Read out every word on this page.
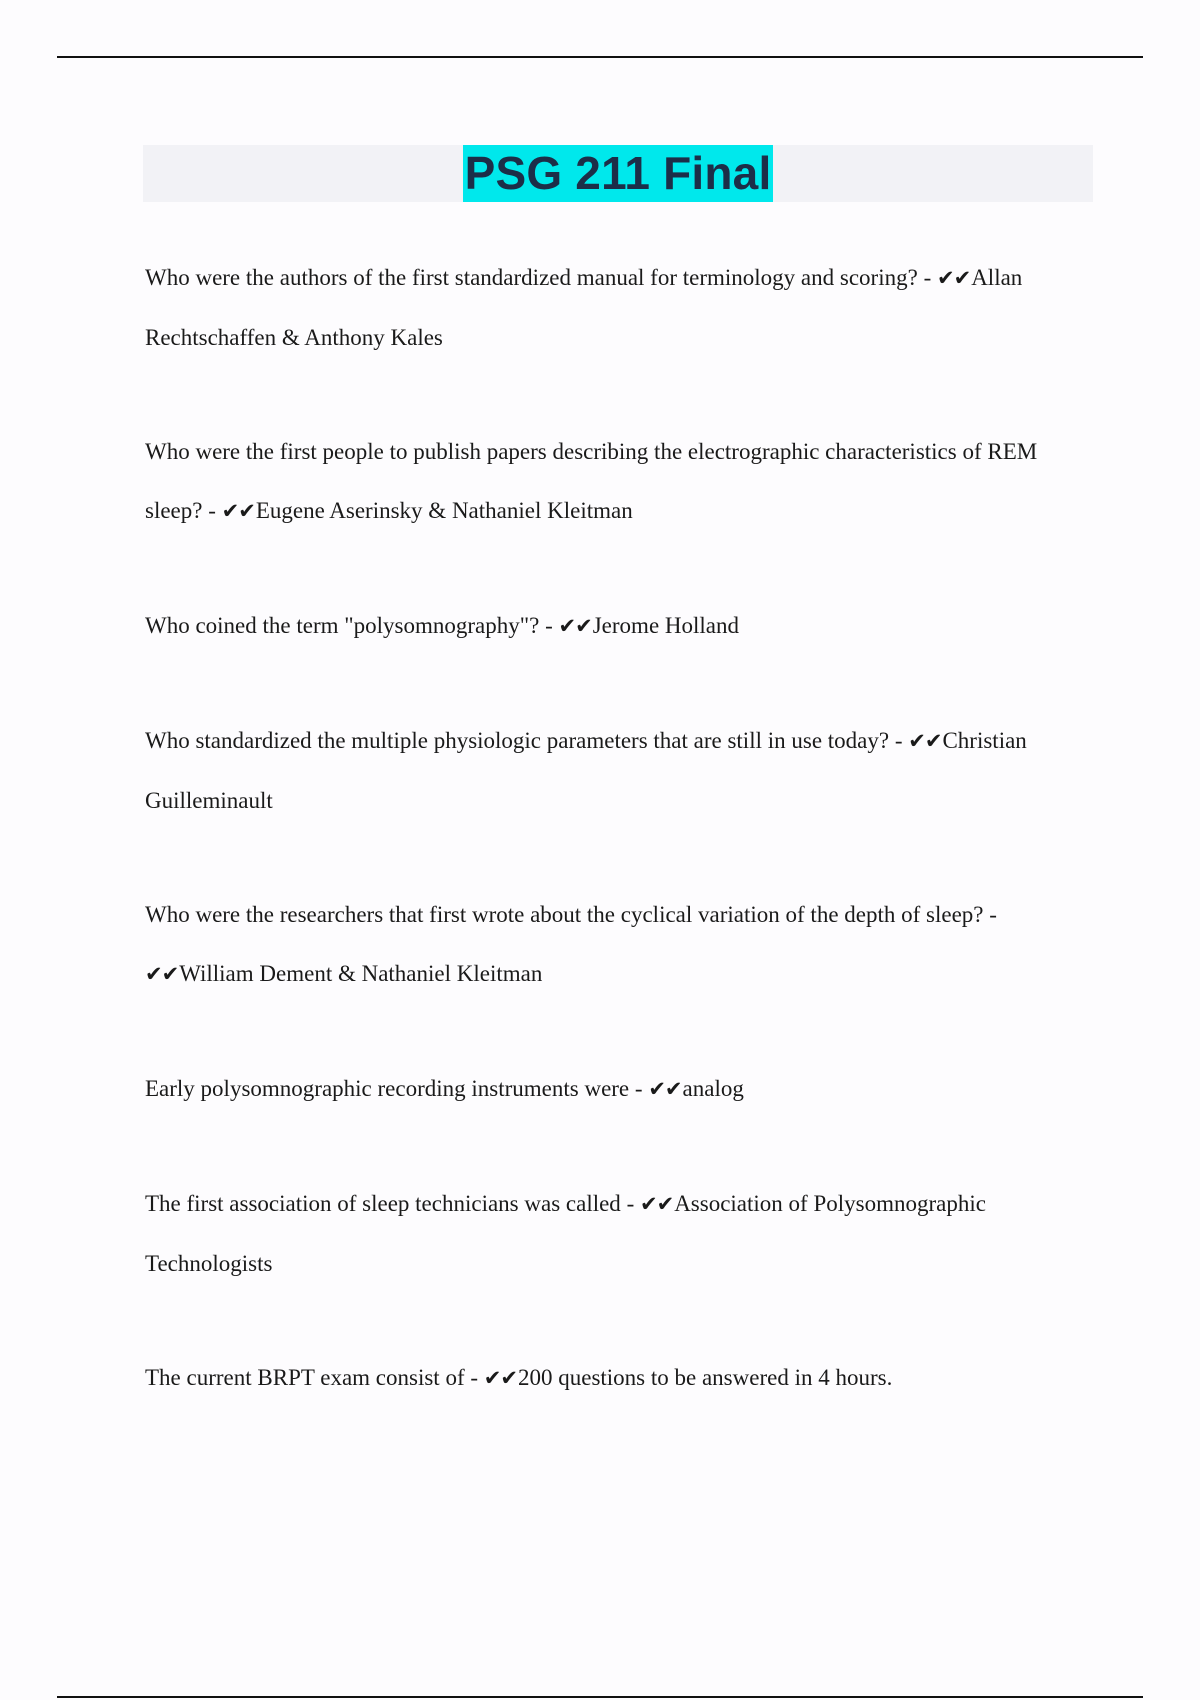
PSG 211 Final

Who were the authors of the first standardized manual for terminology and scoring? - ✔✔Allan Rechtschaffen & Anthony Kales

Who were the first people to publish papers describing the electrographic characteristics of REM sleep? - ✔✔Eugene Aserinsky & Nathaniel Kleitman

Who coined the term "polysomnography"? - ✔✔Jerome Holland

Who standardized the multiple physiologic parameters that are still in use today? - ✔✔Christian Guilleminault

Who were the researchers that first wrote about the cyclical variation of the depth of sleep? - ✔✔William Dement & Nathaniel Kleitman

Early polysomnographic recording instruments were - ✔✔analog

The first association of sleep technicians was called - ✔✔Association of Polysomnographic Technologists

The current BRPT exam consist of - ✔✔200 questions to be answered in 4 hours.
